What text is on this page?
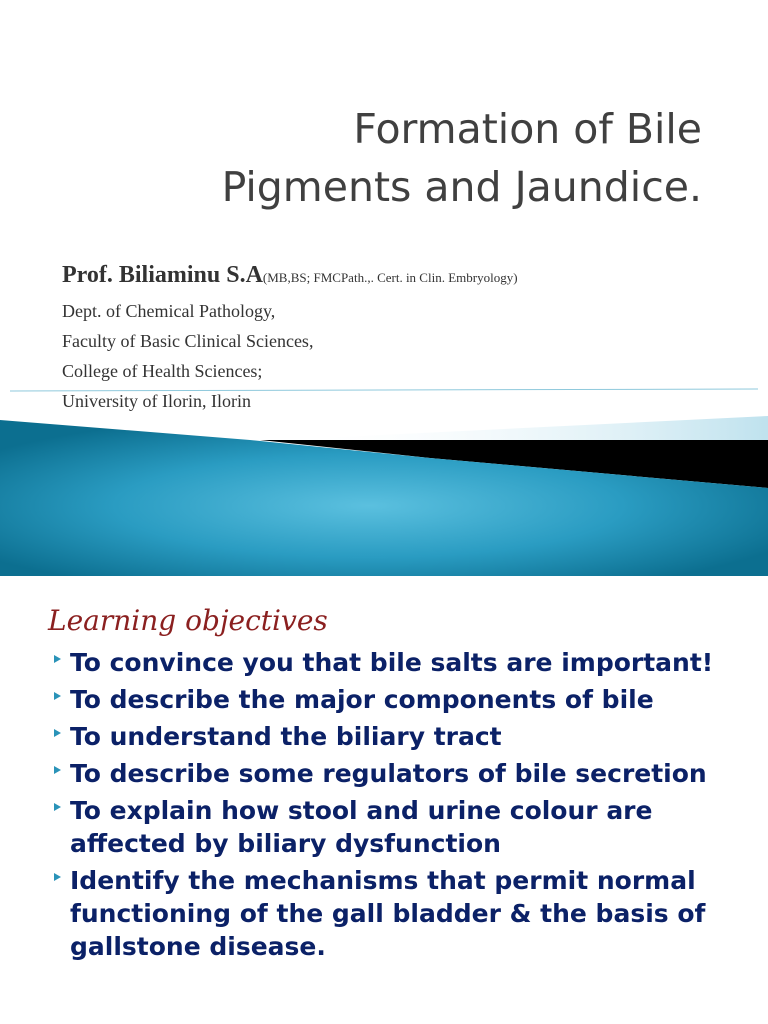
Formation of Bile
Pigments and Jaundice.
Prof. Biliaminu S.A(MB,BS; FMCPath.,. Cert. in Clin. Embryology)
Dept. of Chemical Pathology,
Faculty of Basic Clinical Sciences,
College of Health Sciences;
University of Ilorin, Ilorin
Learning objectives
To convince you that bile salts are important!
To describe the major components of bile
To understand the biliary tract
To describe some regulators of bile secretion
To explain how stool and urine colour are affected by biliary dysfunction
Identify the mechanisms that permit normal functioning of the gall bladder & the basis of gallstone disease.
